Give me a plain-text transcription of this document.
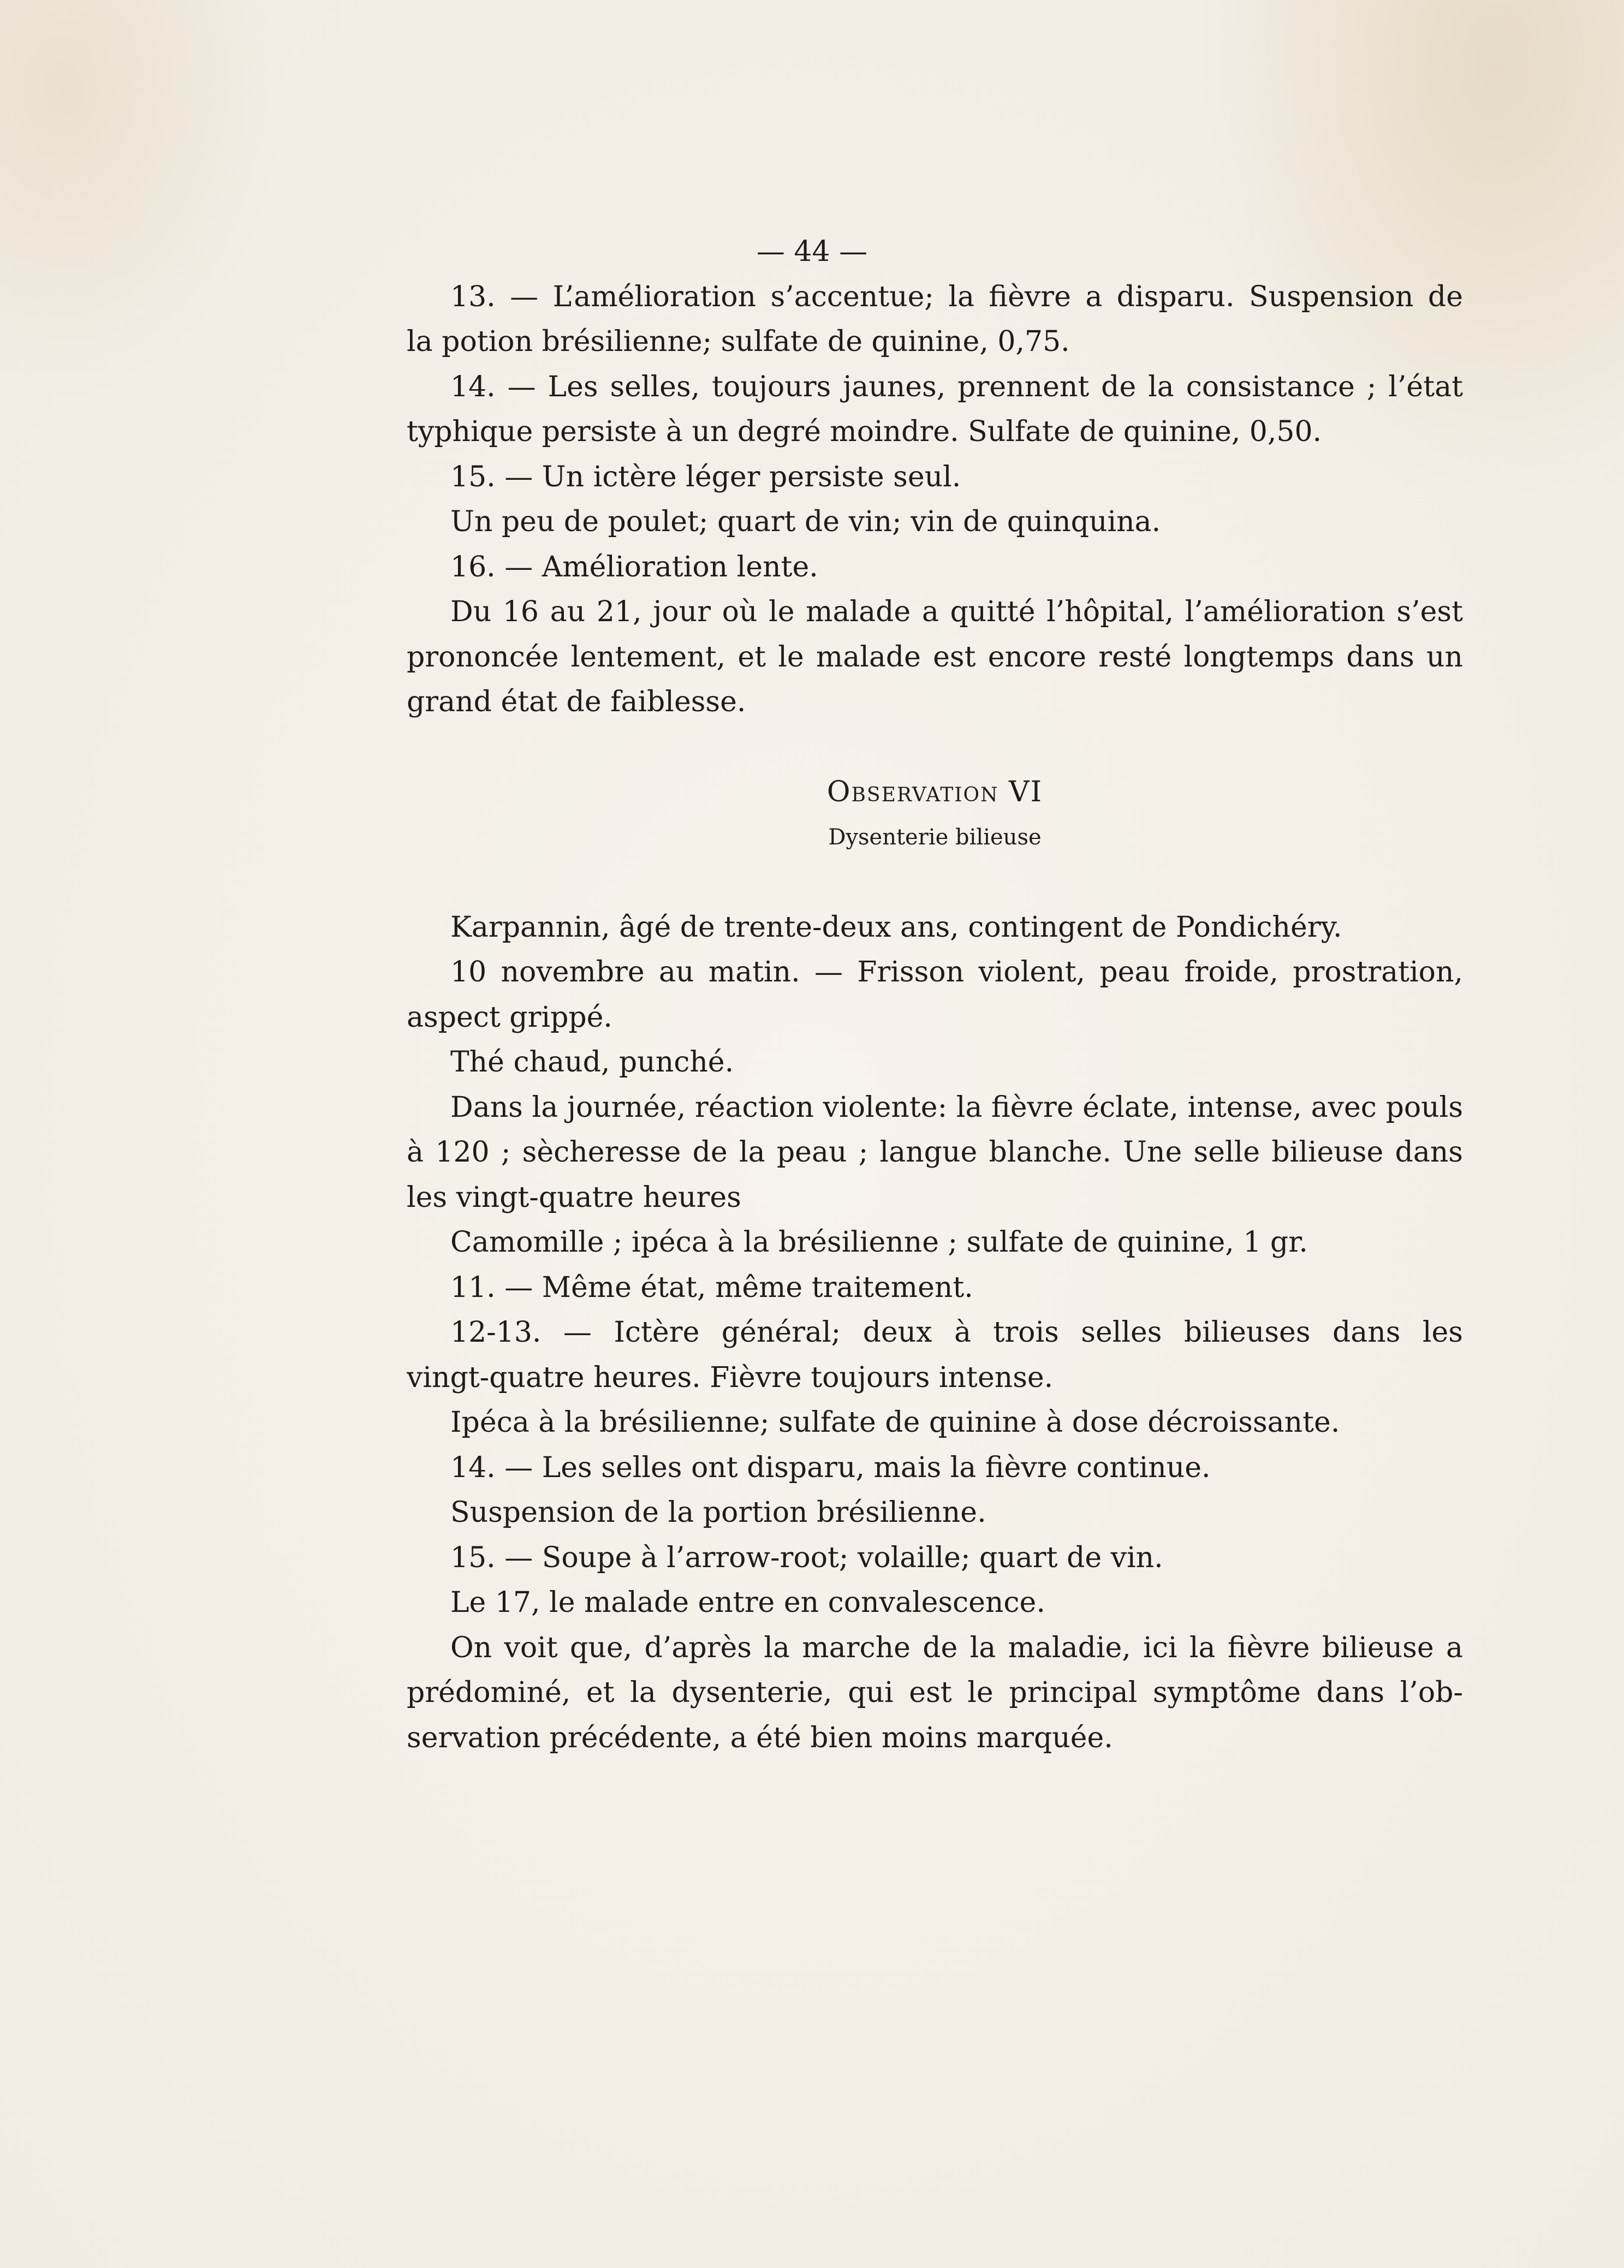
— 44 —
13. — L’amélioration s’accentue; la fièvre a disparu. Suspension de
la potion brésilienne; sulfate de quinine, 0,75.
14. — Les selles, toujours jaunes, prennent de la consistance ; l’état
typhique persiste à un degré moindre. Sulfate de quinine, 0,50.
15. — Un ictère léger persiste seul.
Un peu de poulet; quart de vin; vin de quinquina.
16. — Amélioration lente.
Du 16 au 21, jour où le malade a quitté l’hôpital, l’amélioration s’est
prononcée lentement, et le malade est encore resté longtemps dans un
grand état de faiblesse.
Observation VI
Dysenterie bilieuse
Karpannin, âgé de trente-deux ans, contingent de Pondichéry.
10 novembre au matin. — Frisson violent, peau froide, prostration,
aspect grippé.
Thé chaud, punché.
Dans la journée, réaction violente: la fièvre éclate, intense, avec pouls
à 120 ; sècheresse de la peau ; langue blanche. Une selle bilieuse dans
les vingt-quatre heures
Camomille ; ipéca à la brésilienne ; sulfate de quinine, 1 gr.
11. — Même état, même traitement.
12-13. — Ictère général; deux à trois selles bilieuses dans les
vingt-quatre heures. Fièvre toujours intense.
Ipéca à la brésilienne; sulfate de quinine à dose décroissante.
14. — Les selles ont disparu, mais la fièvre continue.
Suspension de la portion brésilienne.
15. — Soupe à l’arrow-root; volaille; quart de vin.
Le 17, le malade entre en convalescence.
On voit que, d’après la marche de la maladie, ici la fièvre bilieuse a
prédominé, et la dysenterie, qui est le principal symptôme dans l’ob-
servation précédente, a été bien moins marquée.
